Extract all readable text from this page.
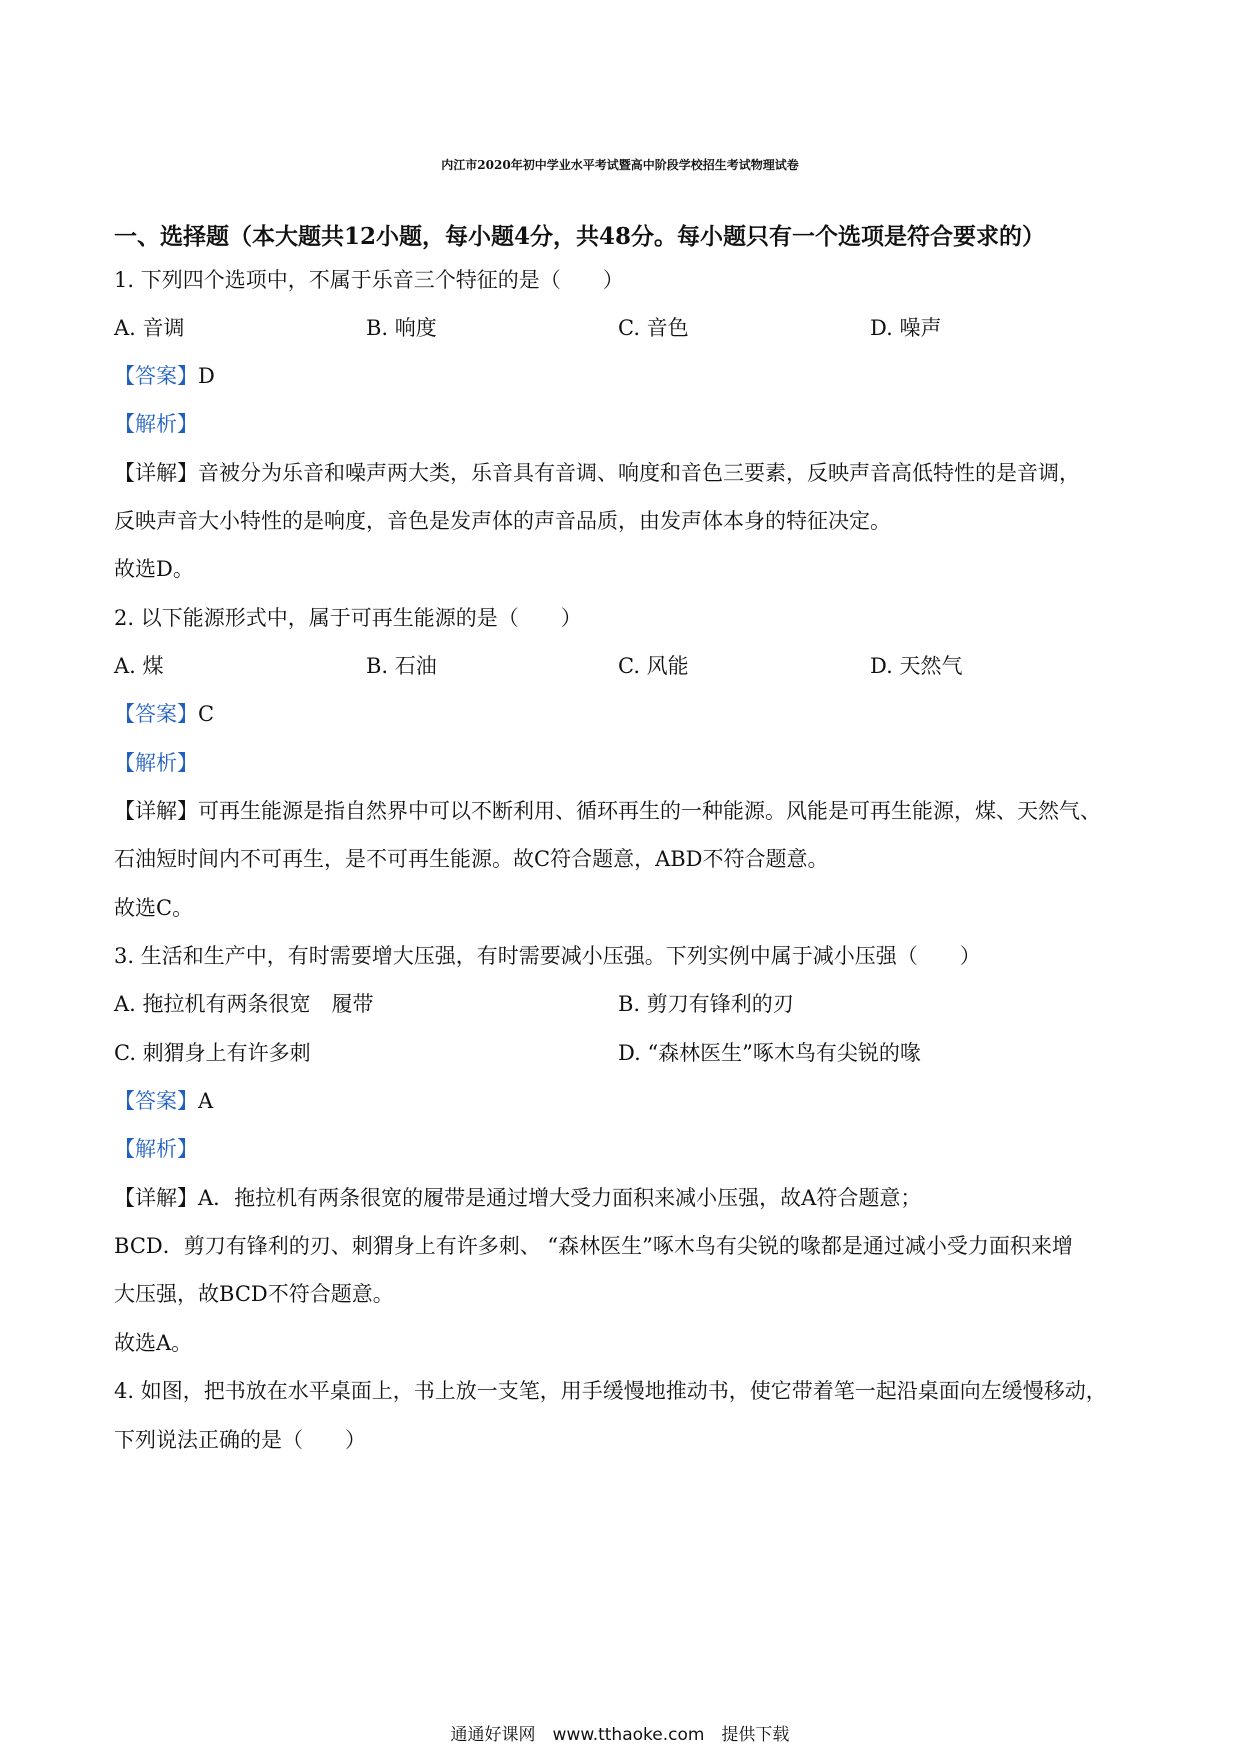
内江市2020年初中学业水平考试暨高中阶段学校招生考试物理试卷
一、选择题（本大题共12小题，每小题4分，共48分。每小题只有一个选项是符合要求的）
1. 下列四个选项中，不属于乐音三个特征的是（　　）
A. 音调	B. 响度	C. 音色	D. 噪声
【答案】D
【解析】
【详解】音被分为乐音和噪声两大类，乐音具有音调、响度和音色三要素，反映声音高低特性的是音调，
反映声音大小特性的是响度，音色是发声体的声音品质，由发声体本身的特征决定。
故选D。
2. 以下能源形式中，属于可再生能源的是（　　）
A. 煤	B. 石油	C. 风能	D. 天然气
【答案】C
【解析】
【详解】可再生能源是指自然界中可以不断利用、循环再生的一种能源。风能是可再生能源，煤、天然气、
石油短时间内不可再生，是不可再生能源。故C符合题意，ABD不符合题意。
故选C。
3. 生活和生产中，有时需要增大压强，有时需要减小压强。下列实例中属于减小压强（　　）
A. 拖拉机有两条很宽　履带	B. 剪刀有锋利的刃
C. 刺猬身上有许多刺	D. “森林医生”啄木鸟有尖锐的喙
【答案】A
【解析】
【详解】A．拖拉机有两条很宽的履带是通过增大受力面积来减小压强，故A符合题意；
BCD．剪刀有锋利的刃、刺猬身上有许多刺、 “森林医生”啄木鸟有尖锐的喙都是通过减小受力面积来增
大压强，故BCD不符合题意。
故选A。
4. 如图，把书放在水平桌面上，书上放一支笔，用手缓慢地推动书，使它带着笔一起沿桌面向左缓慢移动，
下列说法正确的是（　　）
通通好课网　www.tthaoke.com　提供下载
